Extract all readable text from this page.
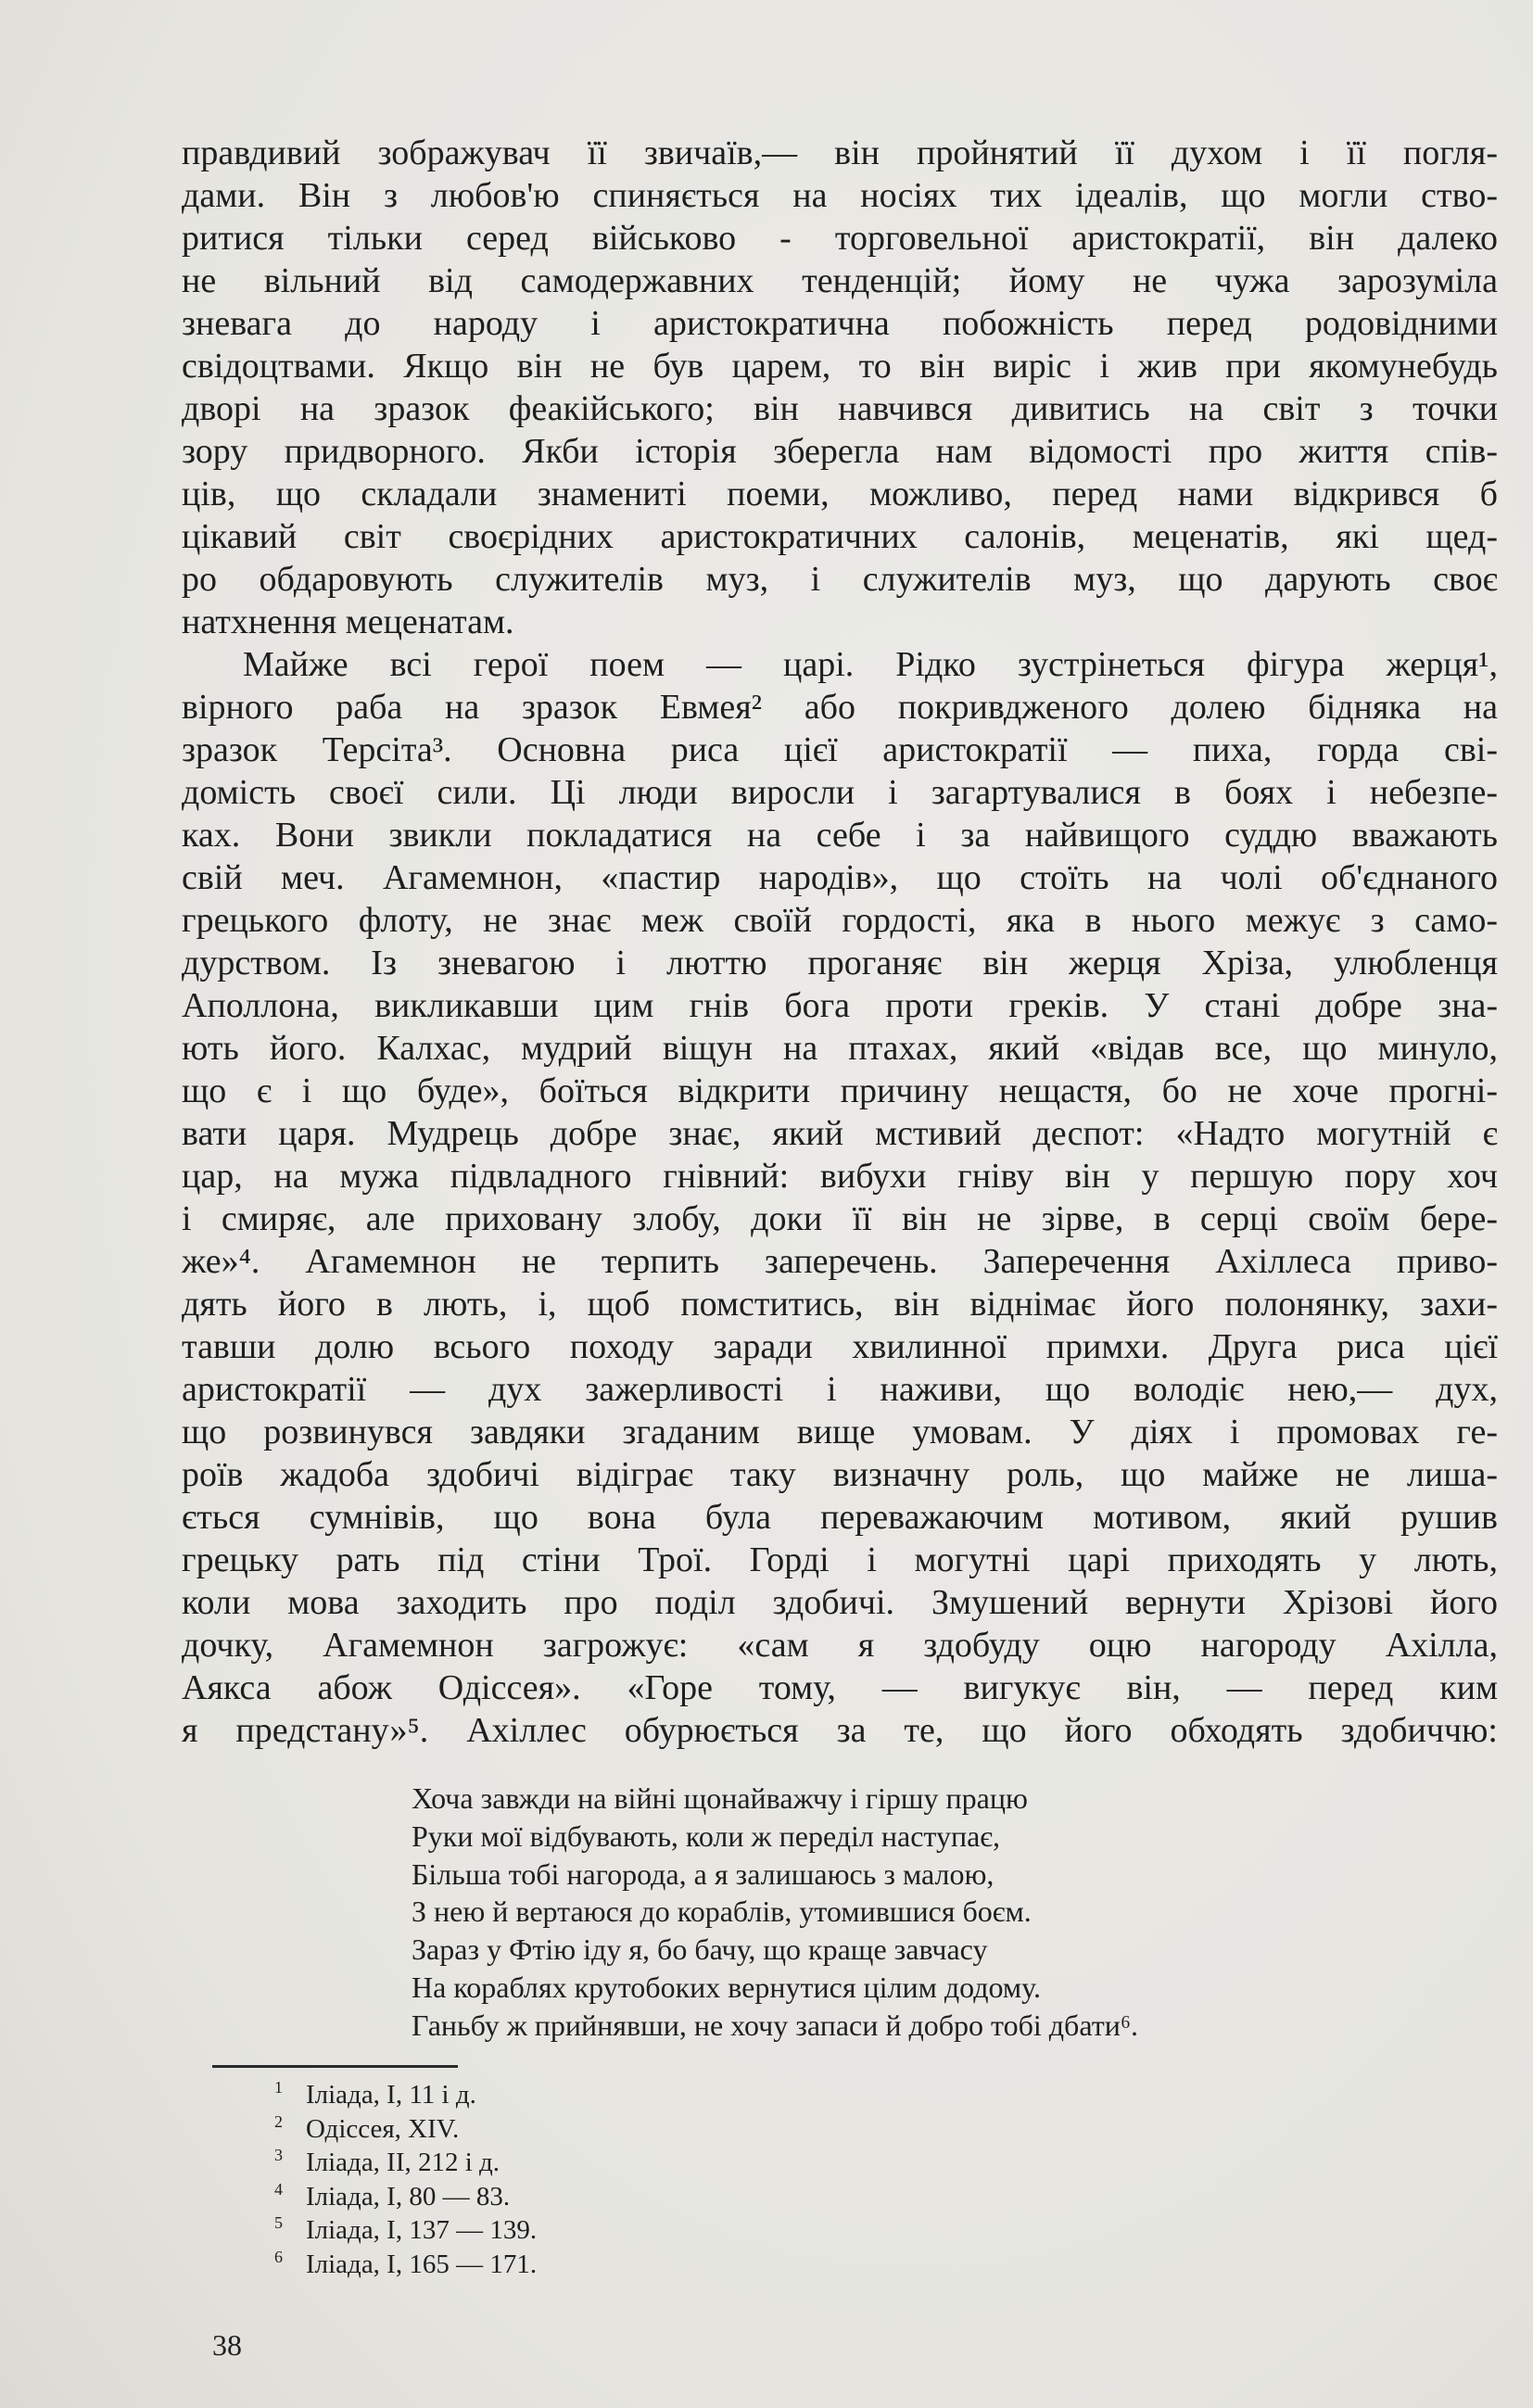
правдивий зображувач її звичаїв,— він пройнятий її духом і її погля-
дами. Він з любов'ю спиняється на носіях тих ідеалів, що могли ство-
ритися тільки серед військово - торговельної аристократії, він далеко
не вільний від самодержавних тенденцій; йому не чужа зарозуміла
зневага до народу і аристократична побожність перед родовідними
свідоцтвами. Якщо він не був царем, то він виріс і жив при якомунебудь
дворі на зразок феакійського; він навчився дивитись на світ з точки
зору придворного. Якби історія зберегла нам відомості про життя спів-
ців, що складали знамениті поеми, можливо, перед нами відкрився б
цікавий світ своєрідних аристократичних салонів, меценатів, які щед-
ро обдаровують служителів муз, і служителів муз, що дарують своє
натхнення меценатам.
Майже всі герої поем — царі. Рідко зустрінеться фігура жерця¹,
вірного раба на зразок Евмея² або покривдженого долею бідняка на
зразок Терсіта³. Основна риса цієї аристократії — пиха, горда сві-
домість своєї сили. Ці люди виросли і загартувалися в боях і небезпе-
ках. Вони звикли покладатися на себе і за найвищого суддю вважають
свій меч. Агамемнон, «пастир народів», що стоїть на чолі об'єднаного
грецького флоту, не знає меж своїй гордості, яка в нього межує з само-
дурством. Із зневагою і люттю проганяє він жерця Хріза, улюбленця
Аполлона, викликавши цим гнів бога проти греків. У стані добре зна-
ють його. Калхас, мудрий віщун на птахах, який «відав все, що минуло,
що є і що буде», боїться відкрити причину нещастя, бо не хоче прогні-
вати царя. Мудрець добре знає, який мстивий деспот: «Надто могутній є
цар, на мужа підвладного гнівний: вибухи гніву він у першую пору хоч
і смиряє, але приховану злобу, доки її він не зірве, в серці своїм бере-
же»⁴. Агамемнон не терпить заперечень. Заперечення Ахіллеса приво-
дять його в лють, і, щоб помститись, він віднімає його полонянку, захи-
тавши долю всього походу заради хвилинної примхи. Друга риса цієї
аристократії — дух зажерливості і наживи, що володіє нею,— дух,
що розвинувся завдяки згаданим вище умовам. У діях і промовах ге-
роїв жадоба здобичі відіграє таку визначну роль, що майже не лиша-
ється сумнівів, що вона була переважаючим мотивом, який рушив
грецьку рать під стіни Трої. Горді і могутні царі приходять у лють,
коли мова заходить про поділ здобичі. Змушений вернути Хрізові його
дочку, Агамемнон загрожує: «сам я здобуду оцю нагороду Ахілла,
Аякса абож Одіссея». «Горе тому, — вигукує він, — перед ким
я предстану»⁵. Ахіллес обурюється за те, що його обходять здобиччю:
Хоча завжди на війні щонайважчу і гіршу працю
Руки мої відбувають, коли ж переділ наступає,
Більша тобі нагорода, а я залишаюсь з малою,
З нею й вертаюся до кораблів, утомившися боєм.
Зараз у Фтію іду я, бо бачу, що краще завчасу
На кораблях крутобоких вернутися цілим додому.
Ганьбу ж прийнявши, не хочу запаси й добро тобі дбати⁶.
1 Іліада, I, 11 і д.
2 Одіссея, XIV.
3 Іліада, II, 212 і д.
4 Іліада, I, 80 — 83.
5 Іліада, I, 137 — 139.
6 Іліада, I, 165 — 171.
38
